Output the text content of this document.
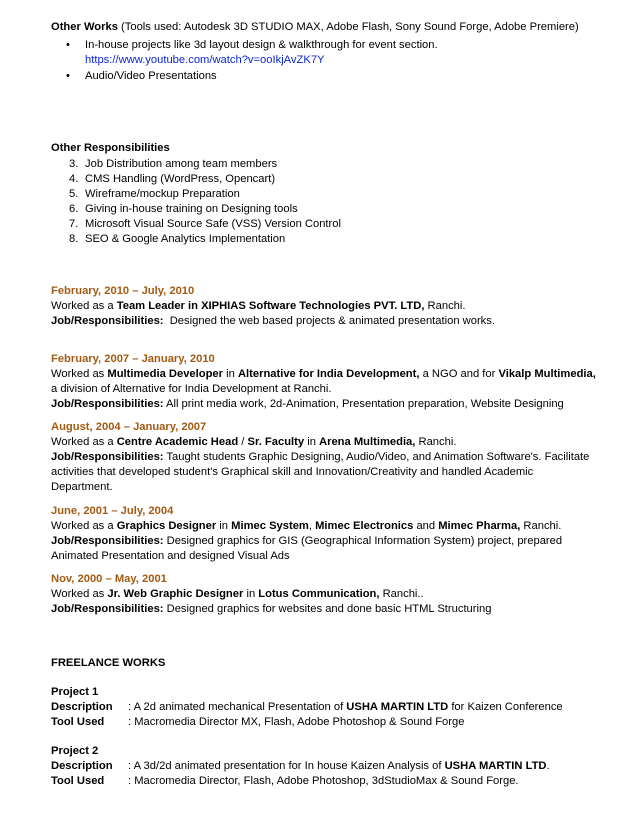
Other Works (Tools used: Autodesk 3D STUDIO MAX, Adobe Flash, Sony Sound Forge, Adobe Premiere)
• In-house projects like 3d layout design & walkthrough for event section.
https://www.youtube.com/watch?v=ooIkjAvZK7Y
• Audio/Video Presentations
Other Responsibilities
3. Job Distribution among team members
4. CMS Handling (WordPress, Opencart)
5. Wireframe/mockup Preparation
6. Giving in-house training on Designing tools
7. Microsoft Visual Source Safe (VSS) Version Control
8. SEO & Google Analytics Implementation
February, 2010 – July, 2010
Worked as a Team Leader in XIPHIAS Software Technologies PVT. LTD, Ranchi.
Job/Responsibilities:  Designed the web based projects & animated presentation works.
February, 2007 – January, 2010
Worked as Multimedia Developer in Alternative for India Development, a NGO and for Vikalp Multimedia,
a division of Alternative for India Development at Ranchi.
Job/Responsibilities: All print media work, 2d-Animation, Presentation preparation, Website Designing
August, 2004 – January, 2007
Worked as a Centre Academic Head / Sr. Faculty in Arena Multimedia, Ranchi.
Job/Responsibilities: Taught students Graphic Designing, Audio/Video, and Animation Software's. Facilitate activities that developed student's Graphical skill and Innovation/Creativity and handled Academic Department.
June, 2001 – July, 2004
Worked as a Graphics Designer in Mimec System, Mimec Electronics and Mimec Pharma, Ranchi.
Job/Responsibilities: Designed graphics for GIS (Geographical Information System) project, prepared Animated Presentation and designed Visual Ads
Nov, 2000 – May, 2001
Worked as Jr. Web Graphic Designer in Lotus Communication, Ranchi..
Job/Responsibilities: Designed graphics for websites and done basic HTML Structuring
FREELANCE WORKS
Project 1
Description	: A 2d animated mechanical Presentation of USHA MARTIN LTD for Kaizen Conference
Tool Used	: Macromedia Director MX, Flash, Adobe Photoshop & Sound Forge
Project 2
Description	: A 3d/2d animated presentation for In house Kaizen Analysis of USHA MARTIN LTD.
Tool Used	: Macromedia Director, Flash, Adobe Photoshop, 3dStudioMax & Sound Forge.
